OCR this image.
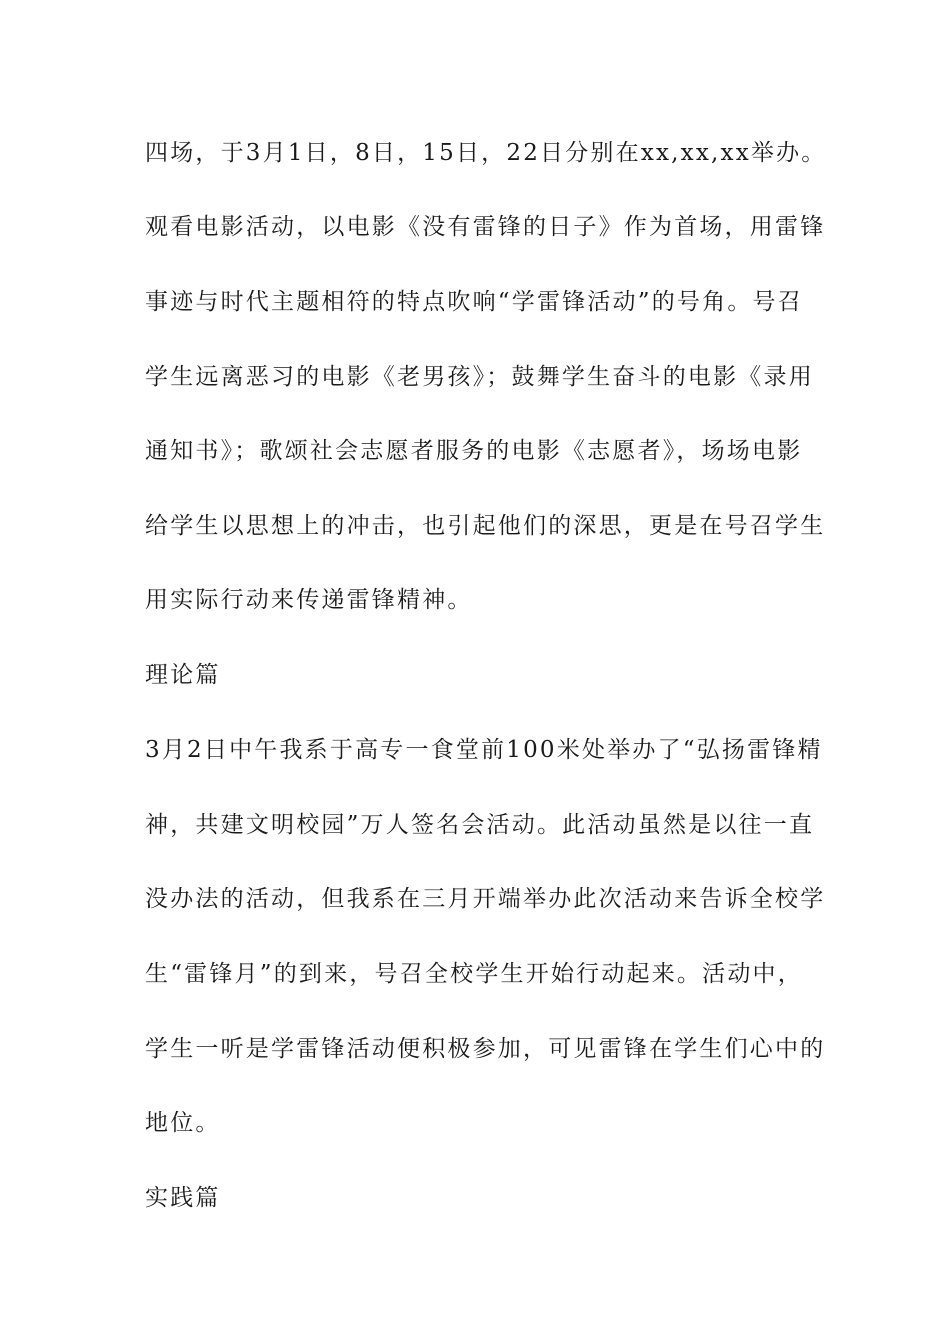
四场，于3月1日，8日，15日，22日分别在xx,xx,xx举办。
观看电影活动，以电影《没有雷锋的日子》作为首场，用雷锋
事迹与时代主题相符的特点吹响“学雷锋活动”的号角。号召
学生远离恶习的电影《老男孩》；鼓舞学生奋斗的电影《录用
通知书》；歌颂社会志愿者服务的电影《志愿者》，场场电影
给学生以思想上的冲击，也引起他们的深思，更是在号召学生
用实际行动来传递雷锋精神。
理论篇
3月2日中午我系于高专一食堂前100米处举办了“弘扬雷锋精
神，共建文明校园”万人签名会活动。此活动虽然是以往一直
没办法的活动，但我系在三月开端举办此次活动来告诉全校学
生“雷锋月”的到来，号召全校学生开始行动起来。活动中，
学生一听是学雷锋活动便积极参加，可见雷锋在学生们心中的
地位。
实践篇
